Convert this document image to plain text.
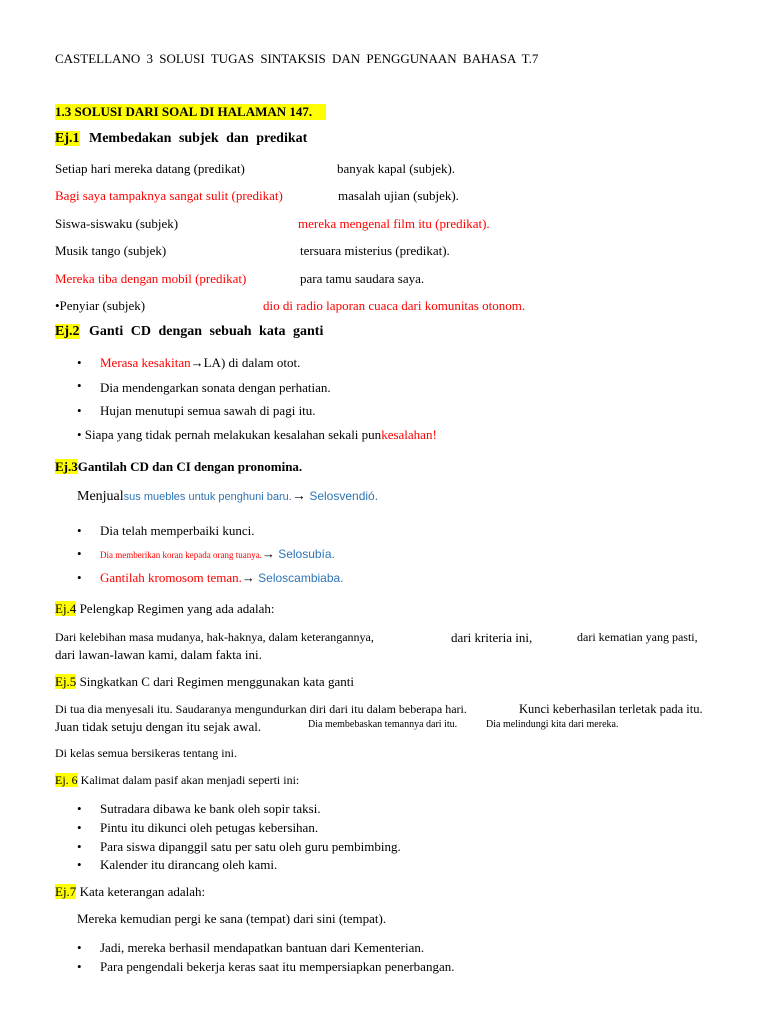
CASTELLANO 3 SOLUSI TUGAS SINTAKSIS DAN PENGGUNAAN BAHASA T.7
1.3 SOLUSI DARI SOAL DI HALAMAN 147.
Ej.1 Membedakan subjek dan predikat
Setiap hari mereka datang (predikat)	banyak kapal (subjek).
Bagi saya tampaknya sangat sulit (predikat)	masalah ujian (subjek).
Siswa-siswaku (subjek)	mereka mengenal film itu (predikat).
Musik tango (subjek)	tersuara misterius (predikat).
Mereka tiba dengan mobil (predikat)	para tamu saudara saya.
•Penyiar (subjek)	dio di radio laporan cuaca dari komunitas otonom.
Ej.2 Ganti CD dengan sebuah kata ganti
• Merasa kesakitan→LA) di dalam otot.
• Dia mendengarkan sonata dengan perhatian.
• Hujan menutupi semua sawah di pagi itu.
• Siapa yang tidak pernah melakukan kesalahan sekali punkesalahan!
Ej.3Gantilah CD dan CI dengan pronomina.
Menjualsus muebles untuk penghuni baru.→ Selosvendió.
• Dia telah memperbaiki kunci.
• Dia memberikan koran kepada orang tuanya.→ Selosubía.
• Gantilah kromosom teman.→ Seloscambiaba.
Ej.4 Pelengkap Regimen yang ada adalah:
Dari kelebihan masa mudanya, hak-haknya, dalam keterangannya,	dari kriteria ini,	dari kematian yang pasti,
dari lawan-lawan kami, dalam fakta ini.
Ej.5 Singkatkan C dari Regimen menggunakan kata ganti
Di tua dia menyesali itu. Saudaranya mengundurkan diri dari itu dalam beberapa hari.	Kunci keberhasilan terletak pada itu.
Juan tidak setuju dengan itu sejak awal.	Dia membebaskan temannya dari itu.	Dia melindungi kita dari mereka.
Di kelas semua bersikeras tentang ini.
Ej. 6 Kalimat dalam pasif akan menjadi seperti ini:
• Sutradara dibawa ke bank oleh sopir taksi.
• Pintu itu dikunci oleh petugas kebersihan.
• Para siswa dipanggil satu per satu oleh guru pembimbing.
• Kalender itu dirancang oleh kami.
Ej.7 Kata keterangan adalah:
Mereka kemudian pergi ke sana (tempat) dari sini (tempat).
• Jadi, mereka berhasil mendapatkan bantuan dari Kementerian.
• Para pengendali bekerja keras saat itu mempersiapkan penerbangan.
